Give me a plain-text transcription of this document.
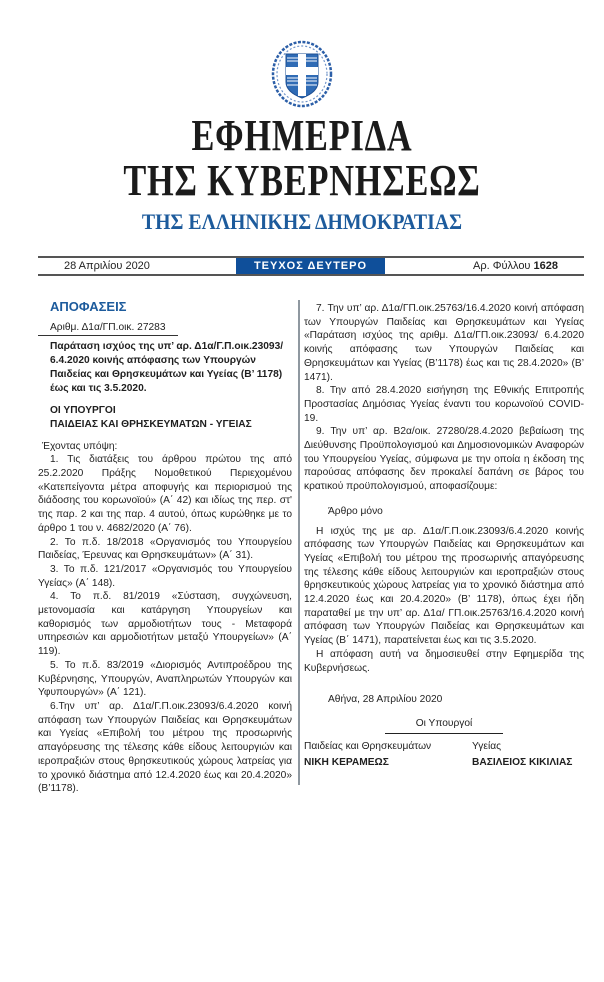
ΕΦΗΜΕΡΙΔΑ
ΤΗΣ ΚΥΒΕΡΝΗΣΕΩΣ
ΤΗΣ ΕΛΛΗΝΙΚΗΣ ΔΗΜΟΚΡΑΤΙΑΣ
28 Απριλίου 2020	ΤΕΥΧΟΣ ΔΕΥΤΕΡΟ	Αρ. Φύλλου 1628
ΑΠΟΦΑΣΕΙΣ
Αριθμ. Δ1α/ΓΠ.οικ. 27283
Παράταση ισχύος της υπ’ αρ. Δ1α/Γ.Π.οικ.23093/ 6.4.2020 κοινής απόφασης των Υπουργών Παιδείας και Θρησκευμάτων και Υγείας (Β’ 1178) έως και τις 3.5.2020.
ΟΙ ΥΠΟΥΡΓΟΙ
ΠΑΙΔΕΙΑΣ ΚΑΙ ΘΡΗΣΚΕΥΜΑΤΩΝ - ΥΓΕΙΑΣ

Έχοντας υπόψη:

1. Τις διατάξεις του άρθρου πρώτου της από 25.2.2020 Πράξης Νομοθετικού Περιεχομένου «Κατεπείγοντα μέτρα αποφυγής και περιορισμού της διάδοσης του κορωνοϊού» (Α΄ 42) και ιδίως της περ. στ' της παρ. 2 και της παρ. 4 αυτού, όπως κυρώθηκε με το άρθρο 1 του ν. 4682/2020 (Α΄ 76).

2. Το π.δ. 18/2018 «Οργανισμός του Υπουργείου Παιδείας, Έρευνας και Θρησκευμάτων» (Α΄ 31).

3. Το π.δ. 121/2017 «Οργανισμός του Υπουργείου Υγείας» (Α΄ 148).

4. Το π.δ. 81/2019 «Σύσταση, συγχώνευση, μετονομασία και κατάργηση Υπουργείων και καθορισμός των αρμοδιοτήτων τους - Μεταφορά υπηρεσιών και αρμοδιοτήτων μεταξύ Υπουργείων» (Α΄ 119).

5. Το π.δ. 83/2019 «Διορισμός Αντιπροέδρου της Κυβέρνησης, Υπουργών, Αναπληρωτών Υπουργών και Υφυπουργών» (Α΄ 121).

6.Την υπ’ αρ. Δ1α/Γ.Π.οικ.23093/6.4.2020 κοινή απόφαση των Υπουργών Παιδείας και Θρησκευμάτων και Υγείας «Επιβολή του μέτρου της προσωρινής απαγόρευσης της τέλεσης κάθε είδους λειτουργιών και ιεροπραξιών στους θρησκευτικούς χώρους λατρείας για το χρονικό διάστημα από 12.4.2020 έως και 20.4.2020» (Β’1178).

7. Την υπ’ αρ. Δ1α/ΓΠ.οικ.25763/16.4.2020 κοινή απόφαση των Υπουργών Παιδείας και Θρησκευμάτων και Υγείας «Παράταση ισχύος της αριθμ. Δ1α/ΓΠ.οικ.23093/ 6.4.2020 κοινής απόφασης των Υπουργών Παιδείας και Θρησκευμάτων και Υγείας (Β’1178) έως και τις 28.4.2020» (Β’ 1471).

8. Την από 28.4.2020 εισήγηση της Εθνικής Επιτροπής Προστασίας Δημόσιας Υγείας έναντι του κορωνοϊού COVID-19.

9. Την υπ’ αρ. Β2α/οικ. 27280/28.4.2020 βεβαίωση της Διεύθυνσης Προϋπολογισμού και Δημοσιονομικών Αναφορών του Υπουργείου Υγείας, σύμφωνα με την οποία η έκδοση της παρούσας απόφασης δεν προκαλεί δαπάνη σε βάρος του κρατικού προϋπολογισμού, αποφασίζουμε:

Άρθρο μόνο

Η ισχύς της με αρ. Δ1α/Γ.Π.οικ.23093/6.4.2020 κοινής απόφασης των Υπουργών Παιδείας και Θρησκευμάτων και Υγείας «Επιβολή του μέτρου της προσωρινής απαγόρευσης της τέλεσης κάθε είδους λειτουργιών και ιεροπραξιών στους θρησκευτικούς χώρους λατρείας για το χρονικό διάστημα από 12.4.2020 έως και 20.4.2020» (Β’ 1178), όπως έχει ήδη παραταθεί με την υπ’ αρ. Δ1α/ ΓΠ.οικ.25763/16.4.2020 κοινή απόφαση των Υπουργών Παιδείας και Θρησκευμάτων και Υγείας (Β΄ 1471), παρατείνεται έως και τις 3.5.2020.

Η απόφαση αυτή να δημοσιευθεί στην Εφημερίδα της Κυβερνήσεως.

Αθήνα, 28 Απριλίου 2020
Οι Υπουργοί
Παιδείας και Θρησκευμάτων
ΝΙΚΗ ΚΕΡΑΜΕΩΣ
Υγείας
ΒΑΣΙΛΕΙΟΣ ΚΙΚΙΛΙΑΣ
